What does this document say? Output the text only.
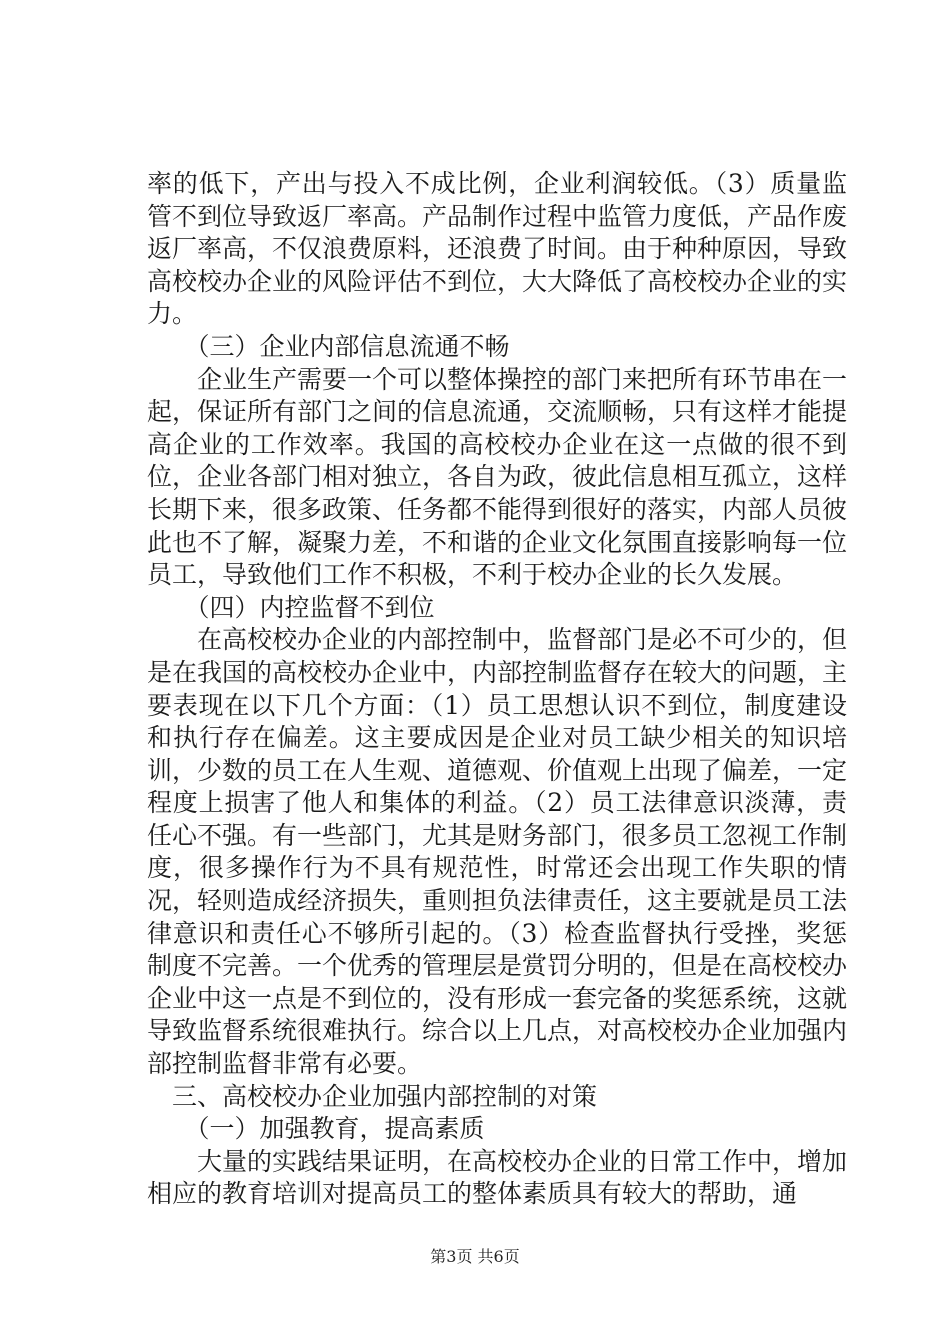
率的低下，产出与投入不成比例，企业利润较低。（3）质量监管不到位导致返厂率高。产品制作过程中监管力度低，产品作废返厂率高，不仅浪费原料，还浪费了时间。由于种种原因，导致高校校办企业的风险评估不到位，大大降低了高校校办企业的实力。

（三）企业内部信息流通不畅

企业生产需要一个可以整体操控的部门来把所有环节串在一起，保证所有部门之间的信息流通，交流顺畅，只有这样才能提高企业的工作效率。我国的高校校办企业在这一点做的很不到位，企业各部门相对独立，各自为政，彼此信息相互孤立，这样长期下来，很多政策、任务都不能得到很好的落实，内部人员彼此也不了解，凝聚力差，不和谐的企业文化氛围直接影响每一位员工，导致他们工作不积极，不利于校办企业的长久发展。

（四）内控监督不到位

在高校校办企业的内部控制中，监督部门是必不可少的，但是在我国的高校校办企业中，内部控制监督存在较大的问题，主要表现在以下几个方面：（1）员工思想认识不到位，制度建设和执行存在偏差。这主要成因是企业对员工缺少相关的知识培训，少数的员工在人生观、道德观、价值观上出现了偏差，一定程度上损害了他人和集体的利益。（2）员工法律意识淡薄，责任心不强。有一些部门，尤其是财务部门，很多员工忽视工作制度，很多操作行为不具有规范性，时常还会出现工作失职的情况，轻则造成经济损失，重则担负法律责任，这主要就是员工法律意识和责任心不够所引起的。（3）检查监督执行受挫，奖惩制度不完善。一个优秀的管理层是赏罚分明的，但是在高校校办企业中这一点是不到位的，没有形成一套完备的奖惩系统，这就导致监督系统很难执行。综合以上几点，对高校校办企业加强内部控制监督非常有必要。

三、高校校办企业加强内部控制的对策

（一）加强教育，提高素质

大量的实践结果证明，在高校校办企业的日常工作中，增加相应的教育培训对提高员工的整体素质具有较大的帮助，通

第3页 共6页
